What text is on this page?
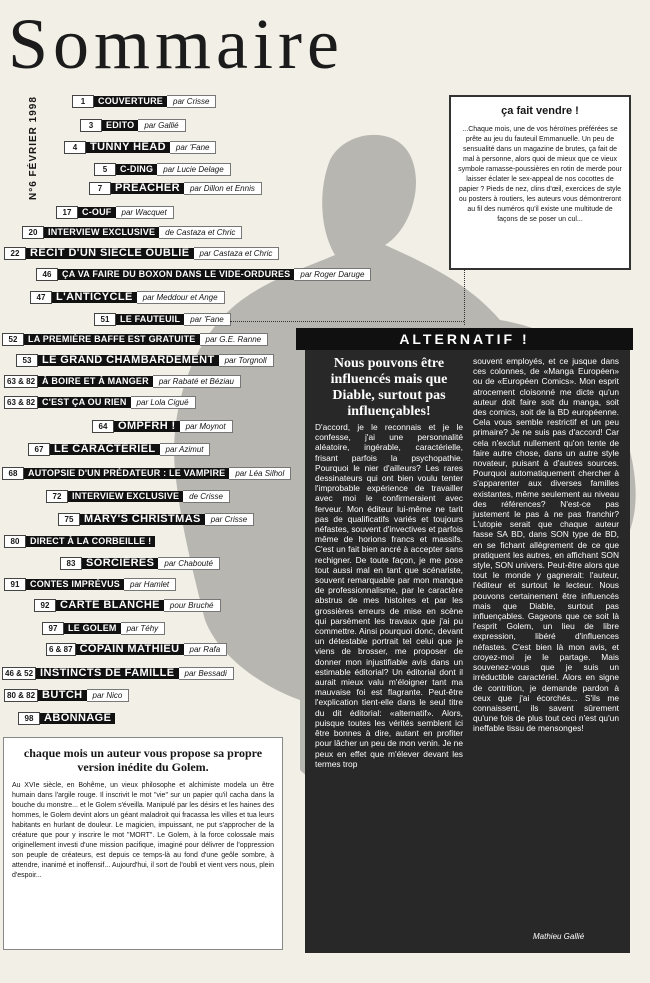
Sommaire
N°6 FÉVRIER 1998	1	COUVERTURE	par Crisse
3	EDITO	par Gallié
4	TUNNY HEAD	par 'Fane
5	C-DING	par Lucie Delage
7	PREACHER	par Dillon et Ennis
17	C-OUF	par Wacquet
20	INTERVIEW EXCLUSIVE	de Castaza et Chric
22 RÉCIT D'UN SIÈCLE OUBLIÉ	par Castaza et Chric
46	ÇA VA FAIRE DU BOXON DANS LE VIDE-ORDURES	par Roger Daruge
47 L'ANTICYCLE	par Meddour et Ange
51	LE FAUTEUIL	par 'Fane
52	LA PREMIÈRE BAFFE EST GRATUITE	par G.E. Ranne
53 LE GRAND CHAMBARDEMENT	par Torgnoll
63 & 82 À BOIRE ET À MANGER	par Rabaté et Béziau
63 & 82 C'EST ÇA OU RIEN	par Lola Ciguë
64 OMPFRH !	par Moynot
67 LE CARACTÉRIEL	par Azimut
68	AUTOPSIE D'UN PRÉDATEUR : LE VAMPIRE	par Léa Silhol
72	INTERVIEW EXCLUSIVE	de Crisse
75 MARY'S CHRISTMAS	par Crisse
80	DIRECT À LA CORBEILLE !
83 SORCIÈRES	par Chabouté
91	CONTES IMPRÉVUS	par Hamlet
92 CARTE BLANCHE	pour Bruché
97	LE GOLEM	par Téhy
6 & 87 COPAIN MATHIEU	par Rafa
46 & 52 INSTINCTS DE FAMILLE	par Bessadi
80 & 82 BUTCH	par Nico
98 ABONNAGE
ça fait vendre !

...Chaque mois, une de vos héroïnes préférées se prête au jeu du fauteuil Emmanuelle. Un peu de sensualité dans un magazine de brutes, ça fait de mal à personne, alors quoi de mieux que ce vieux symbole ramasse-poussières en rotin de merde pour laisser éclater le sex-appeal de nos cocottes de papier ? Pieds de nez, clins d'œil, exercices de style ou posters à routiers, les auteurs vous démontreront au fil des numéros qu'il existe une multitude de façons de se poser un cul...

ALTERNATIF !
Nous pouvons être influencés mais que Diable, surtout pas influençables!
D'accord, je le reconnais et je le confesse, j'ai une personnalité aléatoire, ingérable, caractérielle, frisant parfois la psychopathie. Pourquoi le nier d'ailleurs? Les rares dessinateurs qui ont bien voulu tenter l'improbable expérience de travailler avec moi le confirmeraient avec ferveur. Mon éditeur lui-même ne tarit pas de qualificatifs variés et toujours néfastes, souvent d'invectives et parfois même de horions francs et massifs. C'est un fait bien ancré à accepter sans rechigner. De toute façon, je me pose tout aussi mal en tant que scénariste, souvent remarquable par mon manque de professionnalisme, par le caractère abstrus de mes histoires et par les grossières erreurs de mise en scène qui parsèment les travaux que j'ai pu commettre. Ainsi pourquoi donc, devant un détestable portrait tel celui que je viens de brosser, me proposer de donner mon injustifiable avis dans un estimable éditorial? Un éditorial dont il aurait mieux valu m'éloigner tant ma mauvaise foi est flagrante. Peut-être l'explication tient-elle dans le seul titre du dit éditorial: «alternatif». Alors, puisque toutes les vérités semblent ici être bonnes à dire, autant en profiter pour lâcher un peu de mon venin. Je ne peux en effet que m'élever devant les termes trop
souvent employés, et ce jusque dans ces colonnes, de «Manga Européen» ou de «Européen Comics». Mon esprit atrocement cloisonné me dicte qu'un auteur doit faire soit du manga, soit des comics, soit de la BD européenne. Cela vous semble restrictif et un peu primaire? Je ne suis pas d'accord! Car cela n'exclut nullement qu'on tente de faire autre chose, dans un autre style novateur, puisant à d'autres sources. Pourquoi automatiquement chercher à s'apparenter aux diverses familles existantes, même seulement au niveau des références? N'est-ce pas justement le pas à ne pas franchir? L'utopie serait que chaque auteur fasse SA BD, dans SON type de BD, en se fichant allègrement de ce que pratiquent les autres, en affichant SON style, SON univers. Peut-être alors que tout le monde y gagnerait: l'auteur, l'éditeur et surtout le lecteur. Nous pouvons certainement être influencés mais que Diable, surtout pas influençables. Gageons que ce soit là l'esprit Golem, un lieu de libre expression, libéré d'influences néfastes. C'est bien là mon avis, et croyez-moi je le partage. Mais souvenez-vous que je suis un irréductible caractériel. Alors en signe de contrition, je demande pardon à ceux que j'ai écorchés... S'ils me connaissent, ils savent sûrement qu'une fois de plus tout ceci n'est qu'un ineffable tissu de mensonges!
Mathieu Gallié
chaque mois un auteur vous propose sa propre version inédite du Golem.

Au XVIe siècle, en Bohême, un vieux philosophe et alchimiste modela un être humain dans l'argile rouge. Il inscrivit le mot "vie" sur un papier qu'il cacha dans la bouche du monstre... et le Golem s'éveilla. Manipulé par les désirs et les haines des hommes, le Golem devint alors un géant maladroit qui fracassa les villes et tua leurs habitants en hurlant de douleur. Le magicien, impuissant, ne put s'approcher de la créature que pour y inscrire le mot "MORT". Le Golem, à la force colossale mais originellement investi d'une mission pacifique, imaginé pour délivrer de l'oppression son peuple de créateurs, est depuis ce temps-là au fond d'une geôle sombre, à attendre, inanimé et inoffensif... Aujourd'hui, il sort de l'oubli et vient vers nous, plein d'espoir...
